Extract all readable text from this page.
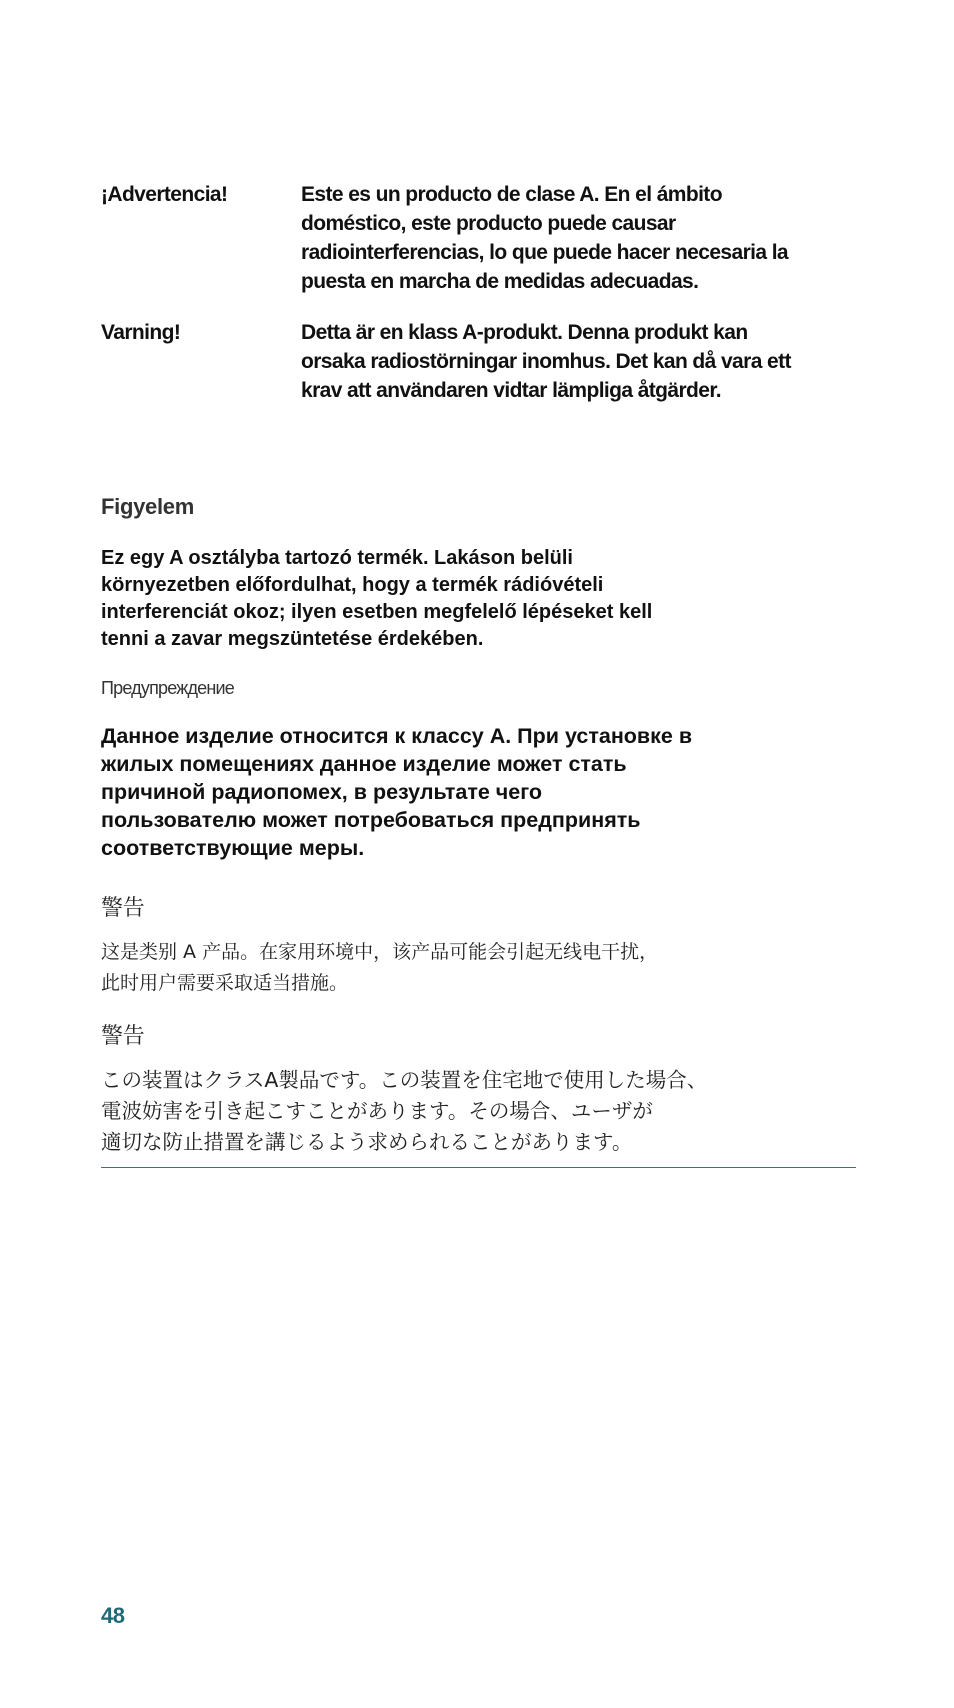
¡Advertencia!	Este es un producto de clase A. En el ámbito
doméstico, este producto puede causar
radiointerferencias, lo que puede hacer necesaria la
puesta en marcha de medidas adecuadas.
Varning!	Detta är en klass A-produkt. Denna produkt kan
orsaka radiostörningar inomhus. Det kan då vara ett
krav att användaren vidtar lämpliga åtgärder.
Figyelem
Ez egy A osztályba tartozó termék. Lakáson belüli
környezetben előfordulhat, hogy a termék rádióvételi
interferenciát okoz; ilyen esetben megfelelő lépéseket kell
tenni a zavar megszüntetése érdekében.
Предупреждение
Данное изделие относится к классу А. При установке в
жилых помещениях данное изделие может стать
причиной радиопомех, в результате чего
пользователю может потребоваться предпринять
соответствующие меры.
警告
这是类别 A 产品。在家用环境中，该产品可能会引起无线电干扰，
此时用户需要采取适当措施。
警告
この装置はクラスA製品です。この装置を住宅地で使用した場合、
電波妨害を引き起こすことがあります。その場合、ユーザが
適切な防止措置を講じるよう求められることがあります。
48
